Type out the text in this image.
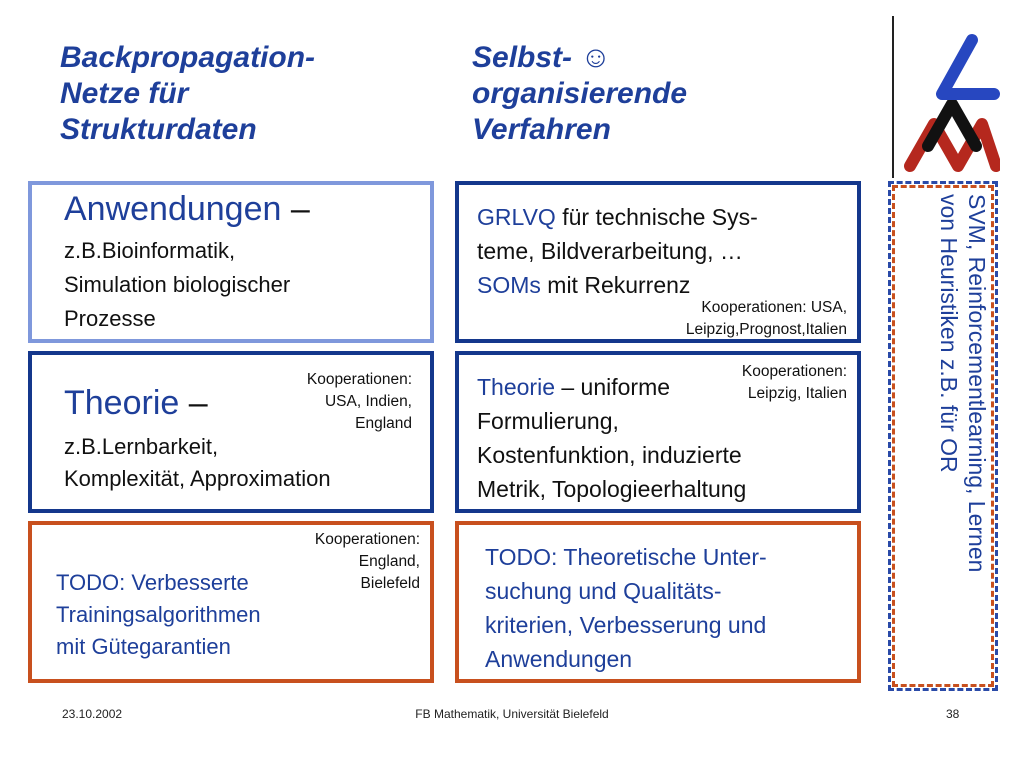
Backpropagation-

Netze für

Strukturdaten

Selbst- ☺

organisierende

Verfahren

Anwendungen –
z.B.Bioinformatik,
Simulation biologischer
Prozesse
GRLVQ für technische Sys-
teme, Bildverarbeitung, …
SOMs mit Rekurrenz
Kooperationen: USA,
Leipzig,Prognost,Italien
Theorie –
z.B.Lernbarkeit,
Komplexität, Approximation
Kooperationen:
USA, Indien,
England
Theorie – uniforme
Formulierung,
Kostenfunktion, induzierte
Metrik, Topologieerhaltung
Kooperationen:
Leipzig, Italien
TODO: Verbesserte
Trainingsalgorithmen
mit Gütegarantien
Kooperationen:
England,
Bielefeld
TODO: Theoretische Unter-
suchung und Qualitäts-
kriterien, Verbesserung und
Anwendungen
SVM, Reinforcementlearning, Lernen
von Heuristiken z.B. für OR
23.10.2002	FB Mathematik, Universität Bielefeld	38
